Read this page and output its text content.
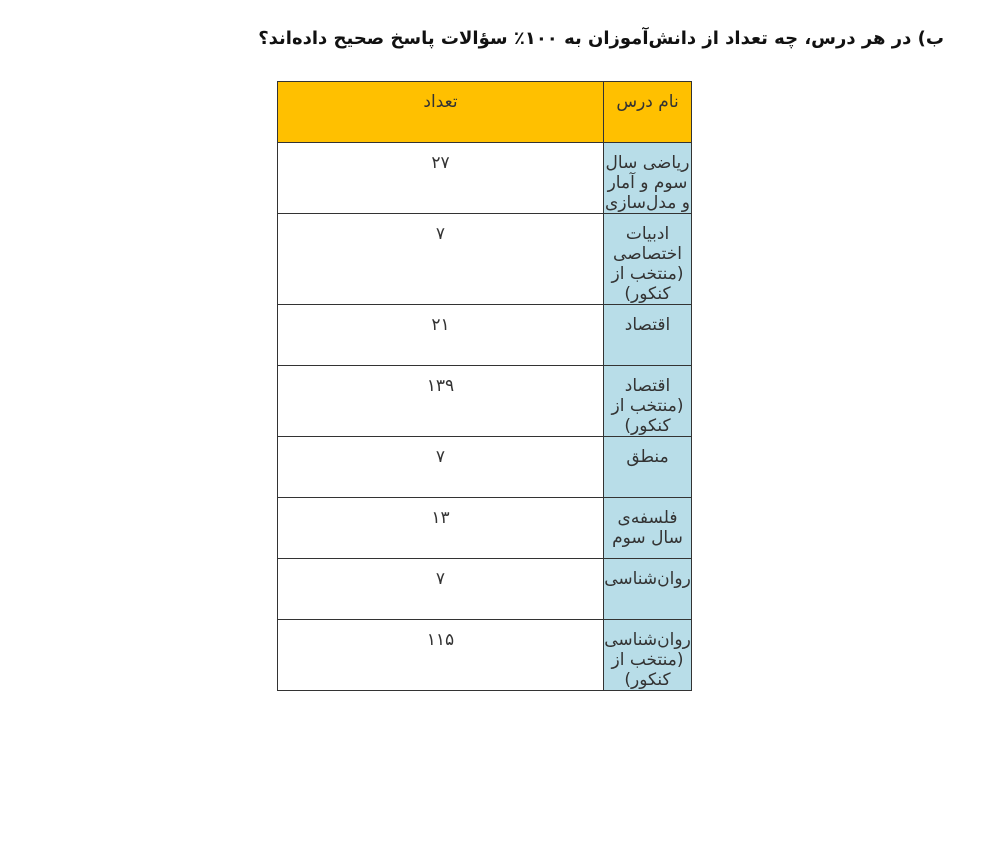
ب) در هر درس، چه تعداد از دانش‌آموزان به ۱۰۰٪ سؤالات پاسخ صحیح داده‌اند؟
نام درس	تعداد
ریاضی سال سوم و آمار و مدل‌سازی	۲۷
ادبیات اختصاصی (منتخب از کنکور)	۷
اقتصاد	۲۱
اقتصاد (منتخب از کنکور)	۱۳۹
منطق	۷
فلسفه‌ی سال سوم	۱۳
روان‌شناسی	۷
روان‌شناسی (منتخب از کنکور)	۱۱۵
